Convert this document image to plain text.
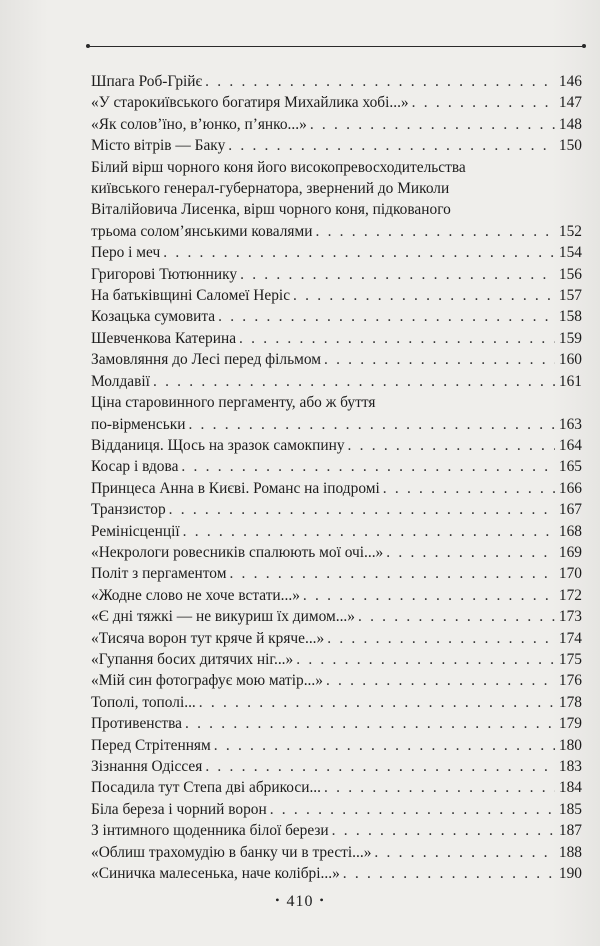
Шпага Роб-Грійє . . .	146
«У старокиївського богатиря Михайлика хобі...» . . .	147
«Як солов’їно, в’юнко, п’янко...» . . .	148
Місто вітрів — Баку . . .	150
Білий вірш чорного коня його високопревосходительства
київського генерал-губернатора, звернений до Миколи
Віталійовича Лисенка, вірш чорного коня, підкованого
трьома солом’янськими ковалями . . .	152
Перо і меч . . .	154
Григорові Тютюннику . . .	156
На батьківщині Саломеї Неріс . . .	157
Козацька сумовита . . .	158
Шевченкова Катерина . . .	159
Замовляння до Лесі перед фільмом . . .	160
Молдавії . . .	161
Ціна старовинного пергаменту, або ж буття
по-вірменськи . . .	163
Відданиця. Щось на зразок самокпину . . .	164
Косар і вдова . . .	165
Принцеса Анна в Києві. Романс на іподромі . . .	166
Транзистор . . .	167
Ремінісценції . . .	168
«Некрологи ровесників спалюють мої очі...» . . .	169
Політ з пергаментом . . .	170
«Жодне слово не хоче встати...» . . .	172
«Є дні тяжкі — не викуриш їх димом...» . . .	173
«Тисяча ворон тут кряче й кряче...» . . .	174
«Гупання босих дитячих ніг...» . . .	175
«Мій син фотографує мою матір...» . . .	176
Тополі, тополі... . . .	178
Противенства . . .	179
Перед Стрітенням . . .	180
Зізнання Одіссея . . .	183
Посадила тут Степа дві абрикоси... . . .	184
Біла береза і чорний ворон . . .	185
З інтимного щоденника білої берези . . .	187
«Облиш трахомудію в банку чи в тресті...» . . .	188
«Синичка малесенька, наче колібрі...» . . .	190
• 410 •
